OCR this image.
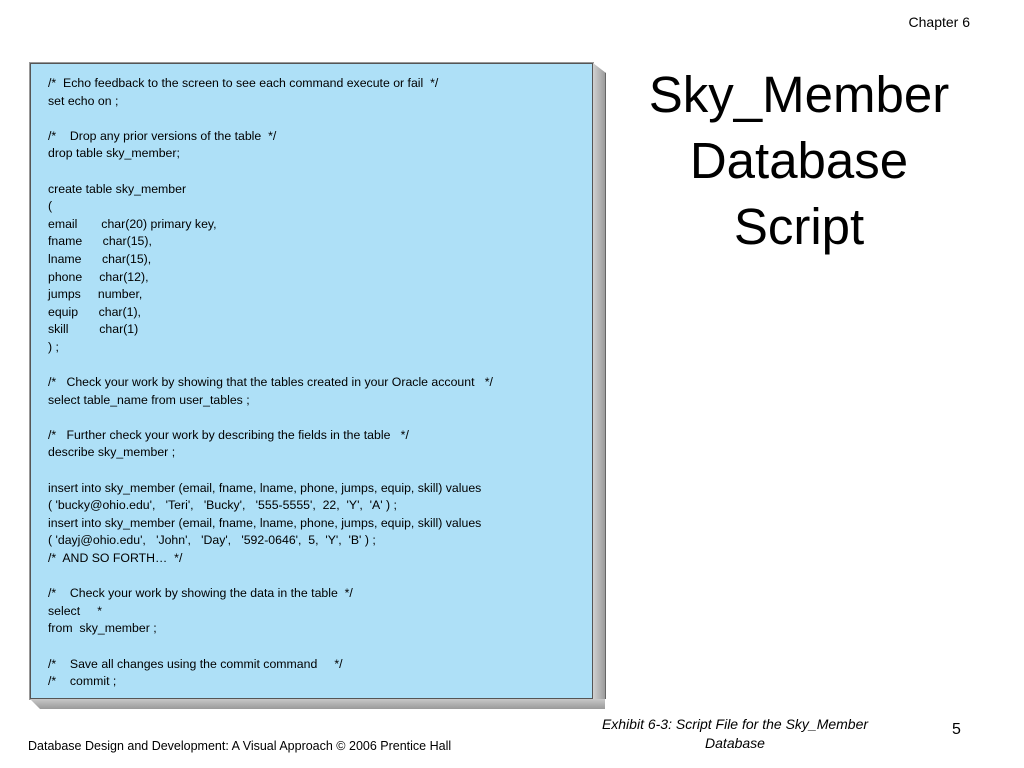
Chapter 6
/*  Echo feedback to the screen to see each command execute or fail  */
set echo on ;
/*    Drop any prior versions of the table  */
drop table sky_member;
create table sky_member
(
email       char(20) primary key,
fname      char(15),
lname      char(15),
phone     char(12),
jumps     number,
equip      char(1),
skill         char(1)
) ;
/*   Check your work by showing that the tables created in your Oracle account   */
select table_name from user_tables ;
/*   Further check your work by describing the fields in the table   */
describe sky_member ;
insert into sky_member (email, fname, lname, phone, jumps, equip, skill) values
( 'bucky@ohio.edu',   'Teri',   'Bucky',   '555-5555',  22,  'Y',  'A' ) ;
insert into sky_member (email, fname, lname, phone, jumps, equip, skill) values
( 'dayj@ohio.edu',   'John',   'Day',   '592-0646',  5,  'Y',  'B' ) ;
/*  AND SO FORTH…  */
/*    Check your work by showing the data in the table  */
select     *
from  sky_member ;
/*    Save all changes using the commit command     */
/*    commit ;
Sky_Member
Database
Script
Exhibit 6-3: Script File for the Sky_Member
Database
5
Database Design and Development: A Visual Approach © 2006 Prentice Hall
